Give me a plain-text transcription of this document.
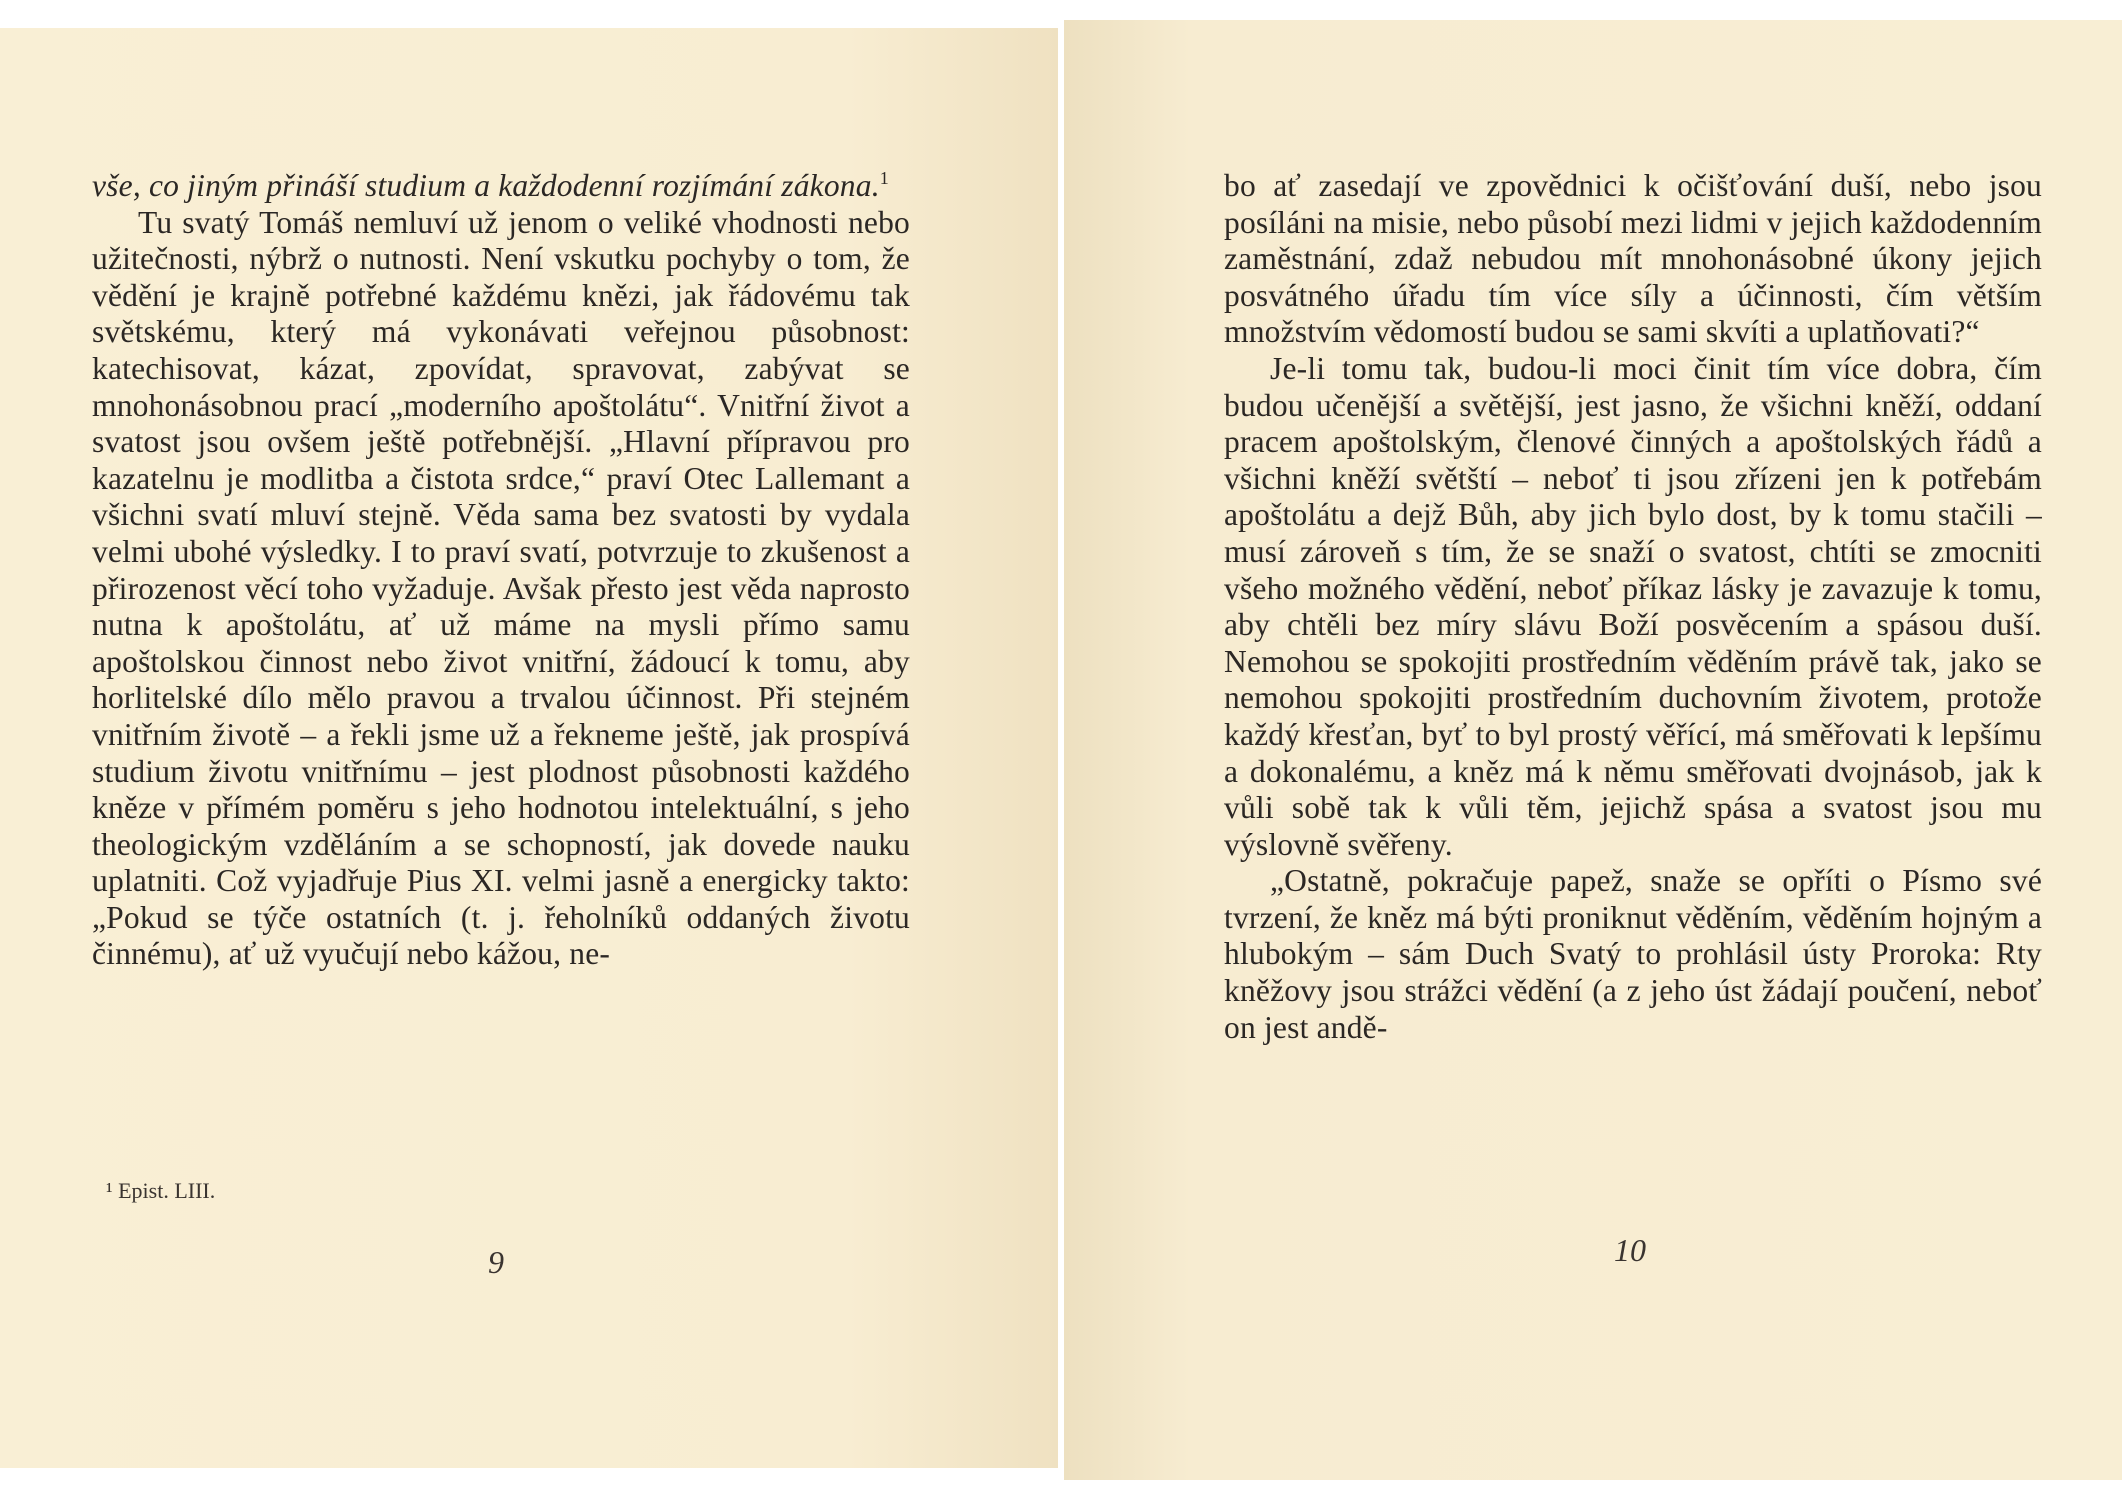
vše, co jiným přináší studium a každodenní rozjímání zákona.$^1$

Tu svatý Tomáš nemluví už jenom o veliké vhodnosti nebo užitečnosti, nýbrž o nutnosti. Není vskutku pochyby o tom, že vědění je krajně potřebné každému knězi, jak řádovému tak světskému, který má vykonávati veřejnou působnost: katechisovat, kázat, zpovídat, spravovat, zabývat se mnohonásobnou prací „moderního apoštolátu“. Vnitřní život a svatost jsou ovšem ještě potřebnější. „Hlavní přípravou pro kazatelnu je modlitba a čistota srdce,“ praví Otec Lallemant a všichni svatí mluví stejně. Věda sama bez svatosti by vydala velmi ubohé výsledky. I to praví svatí, potvrzuje to zkušenost a přirozenost věcí toho vyžaduje. Avšak přesto jest věda naprosto nutna k apoštolátu, ať už máme na mysli přímo samu apoštolskou činnost nebo život vnitřní, žádoucí k tomu, aby horlitelské dílo mělo pravou a trvalou účinnost. Při stejném vnitřním životě – a řekli jsme už a řekneme ještě, jak prospívá studium životu vnitřnímu – jest plodnost působnosti každého kněze v přímém poměru s jeho hodnotou intelektuální, s jeho theologickým vzděláním a se schopností, jak dovede nauku uplatniti. Což vyjadřuje Pius XI. velmi jasně a energicky takto: „Pokud se týče ostatních (t. j. řeholníků oddaných životu činnému), ať už vyučují nebo kážou, ne-

¹ Epist. LIII.
9

bo ať zasedají ve zpovědnici k očišťování duší, nebo jsou posíláni na misie, nebo působí mezi lidmi v jejich každodenním zaměstnání, zdaž nebudou mít mnohonásobné úkony jejich posvátného úřadu tím více síly a účinnosti, čím větším množstvím vědomostí budou se sami skvíti a uplatňovati?“

Je-li tomu tak, budou-li moci činit tím více dobra, čím budou učenější a světější, jest jasno, že všichni kněží, oddaní pracem apoštolským, členové činných a apoštolských řádů a všichni kněží světští – neboť ti jsou zřízeni jen k potřebám apoštolátu a dejž Bůh, aby jich bylo dost, by k tomu stačili – musí zároveň s tím, že se snaží o svatost, chtíti se zmocniti všeho možného vědění, neboť příkaz lásky je zavazuje k tomu, aby chtěli bez míry slávu Boží posvěcením a spásou duší. Nemohou se spokojiti prostředním věděním právě tak, jako se nemohou spokojiti prostředním duchovním životem, protože každý křesťan, byť to byl prostý věřící, má směřovati k lepšímu a dokonalému, a kněz má k němu směřovati dvojnásob, jak k vůli sobě tak k vůli těm, jejichž spása a svatost jsou mu výslovně svěřeny.

„Ostatně, pokračuje papež, snaže se opříti o Písmo své tvrzení, že kněz má býti proniknut věděním, věděním hojným a hlubokým – sám Duch Svatý to prohlásil ústy Proroka: Rty kněžovy jsou strážci vědění (a z jeho úst žádají poučení, neboť on jest andě-

10
